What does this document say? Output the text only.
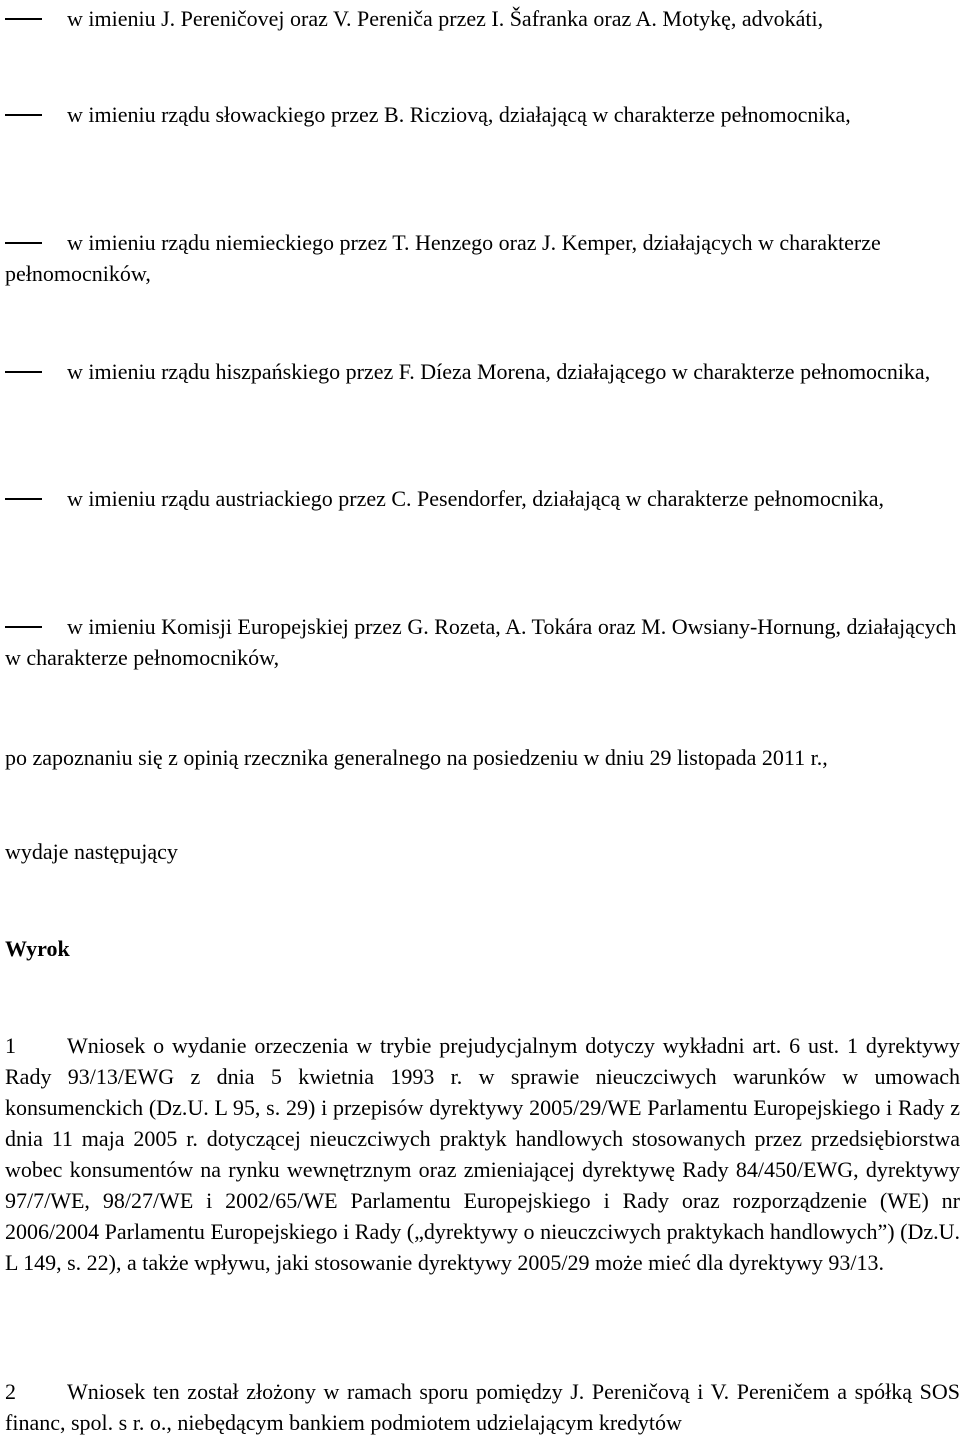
w imieniu J. Pereničovej oraz V. Pereniča przez I. Šafranka oraz A. Motykę, advokáti,

w imieniu rządu słowackiego przez B. Ricziovą, działającą w charakterze pełnomocnika,

w imieniu rządu niemieckiego przez T. Henzego oraz J. Kemper, działających w charakterze pełnomocników,

w imieniu rządu hiszpańskiego przez F. Díeza Morena, działającego w charakterze pełnomocnika,

w imieniu rządu austriackiego przez C. Pesendorfer, działającą w charakterze pełnomocnika,

w imieniu Komisji Europejskiej przez G. Rozeta, A. Tokára oraz M. Owsiany-Hornung, działających w charakterze pełnomocników,

po zapoznaniu się z opinią rzecznika generalnego na posiedzeniu w dniu 29 listopada 2011 r.,

wydaje następujący

Wyrok

1 Wniosek o wydanie orzeczenia w trybie prejudycjalnym dotyczy wykładni art. 6 ust. 1 dyrektywy Rady 93/13/EWG z dnia 5 kwietnia 1993 r. w sprawie nieuczciwych warunków w umowach konsumenckich (Dz.U. L 95, s. 29) i przepisów dyrektywy 2005/29/WE Parlamentu Europejskiego i Rady z dnia 11 maja 2005 r. dotyczącej nieuczciwych praktyk handlowych stosowanych przez przedsiębiorstwa wobec konsumentów na rynku wewnętrznym oraz zmieniającej dyrektywę Rady 84/450/EWG, dyrektywy 97/7/WE, 98/27/WE i 2002/65/WE Parlamentu Europejskiego i Rady oraz rozporządzenie (WE) nr 2006/2004 Parlamentu Europejskiego i Rady („dyrektywy o nieuczciwych praktykach handlowych”) (Dz.U. L 149, s. 22), a także wpływu, jaki stosowanie dyrektywy 2005/29 może mieć dla dyrektywy 93/13.

2 Wniosek ten został złożony w ramach sporu pomiędzy J. Pereničovą i V. Pereničem a spółką SOS financ, spol. s r. o., niebędącym bankiem podmiotem udzielającym kredytów
